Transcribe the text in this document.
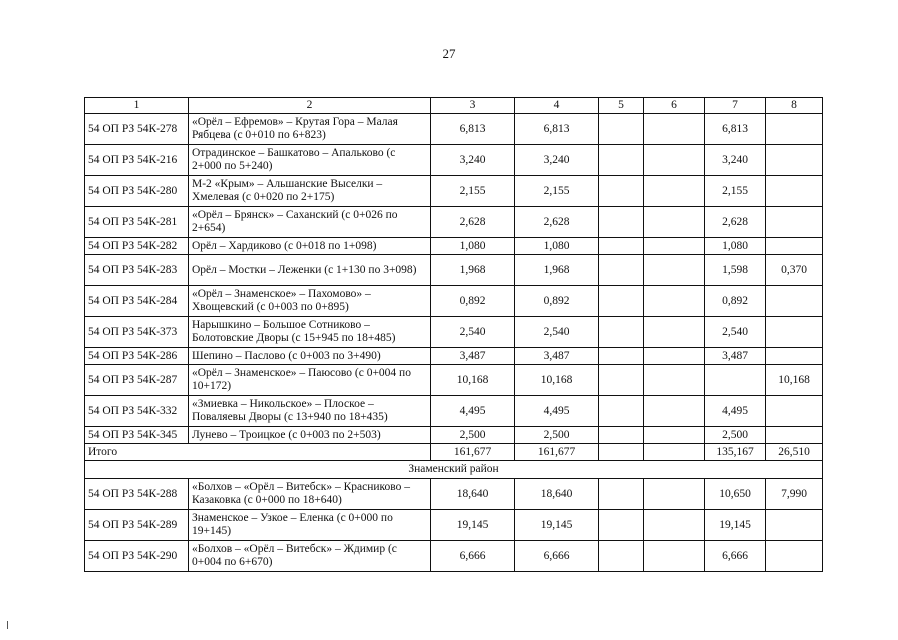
27
1	2	3	4	5	6	7	8
54 ОП РЗ 54К-278	«Орёл – Ефремов» – Крутая Гора – Малая Рябцева (с 0+010 по 6+823)	6,813	6,813			6,813	
54 ОП РЗ 54К-216	Отрадинское – Башкатово – Апальково (с 2+000 по 5+240)	3,240	3,240			3,240	
54 ОП РЗ 54К-280	М-2 «Крым» – Альшанские Выселки – Хмелевая (с 0+020 по 2+175)	2,155	2,155			2,155	
54 ОП РЗ 54К-281	«Орёл – Брянск» – Саханский (с 0+026 по 2+654)	2,628	2,628			2,628	
54 ОП РЗ 54К-282	Орёл – Хардиково (с 0+018 по 1+098)	1,080	1,080			1,080	
54 ОП РЗ 54К-283	Орёл – Мостки – Леженки (с 1+130 по 3+098)	1,968	1,968			1,598	0,370
54 ОП РЗ 54К-284	«Орёл – Знаменское» – Пахомово» – Хвощевский (с 0+003 по 0+895)	0,892	0,892			0,892	
54 ОП РЗ 54К-373	Нарышкино – Большое Сотниково – Болотовские Дворы (с 15+945 по 18+485)	2,540	2,540			2,540	
54 ОП РЗ 54К-286	Шепино – Паслово (с 0+003 по 3+490)	3,487	3,487			3,487	
54 ОП РЗ 54К-287	«Орёл – Знаменское» – Паюсово (с 0+004 по 10+172)	10,168	10,168				10,168
54 ОП РЗ 54К-332	«Змиевка – Никольское» – Плоское – Поваляевы Дворы (с 13+940 по 18+435)	4,495	4,495			4,495	
54 ОП РЗ 54К-345	Лунево – Троицкое (с 0+003 по 2+503)	2,500	2,500			2,500	
Итого		161,677	161,677			135,167	26,510
Знаменский район							
54 ОП РЗ 54К-288	«Болхов – «Орёл – Витебск» – Красниково – Казаковка (с 0+000 по 18+640)	18,640	18,640			10,650	7,990
54 ОП РЗ 54К-289	Знаменское – Узкое – Еленка (с 0+000 по 19+145)	19,145	19,145			19,145	
54 ОП РЗ 54К-290	«Болхов – «Орёл – Витебск» – Ждимир (с 0+004 по 6+670)	6,666	6,666			6,666	
